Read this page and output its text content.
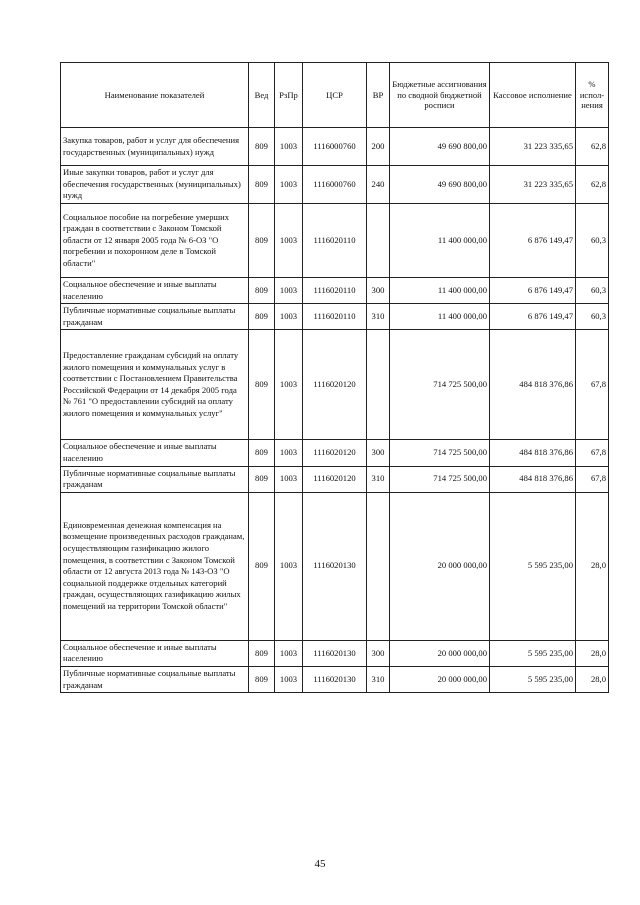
Наименование показателей	Вед	РзПр	ЦСР	ВР	Бюджетные ассигнования по сводной бюджетной росписи	Кассовое исполнение	% исполнения
Закупка товаров, работ и услуг для обеспечения государственных (муниципальных) нужд	809	1003	1116000760	200	49 690 800,00	31 223 335,65	62,8
Иные закупки товаров, работ и услуг для обеспечения государственных (муниципальных) нужд	809	1003	1116000760	240	49 690 800,00	31 223 335,65	62,8
Социальное пособие на погребение умерших граждан в соответствии с Законом Томской области от 12 января 2005 года № 6-ОЗ "О погребении и похоронном деле в Томской области"	809	1003	1116020110		11 400 000,00	6 876 149,47	60,3
Социальное обеспечение и иные выплаты населению	809	1003	1116020110	300	11 400 000,00	6 876 149,47	60,3
Публичные нормативные социальные выплаты гражданам	809	1003	1116020110	310	11 400 000,00	6 876 149,47	60,3
Предоставление гражданам субсидий на оплату жилого помещения и коммунальных услуг в соответствии с Постановлением Правительства Российской Федерации от 14 декабря 2005 года № 761 "О предоставлении субсидий на оплату жилого помещения и коммунальных услуг"	809	1003	1116020120		714 725 500,00	484 818 376,86	67,8
Социальное обеспечение и иные выплаты населению	809	1003	1116020120	300	714 725 500,00	484 818 376,86	67,8
Публичные нормативные социальные выплаты гражданам	809	1003	1116020120	310	714 725 500,00	484 818 376,86	67,8
Единовременная денежная компенсация на возмещение произведенных расходов гражданам, осуществляющим газификацию жилого помещения, в соответствии с Законом Томской области от 12 августа 2013 года № 143-ОЗ "О социальной поддержке отдельных категорий граждан, осуществляющих газификацию жилых помещений на территории Томской области"	809	1003	1116020130		20 000 000,00	5 595 235,00	28,0
Социальное обеспечение и иные выплаты населению	809	1003	1116020130	300	20 000 000,00	5 595 235,00	28,0
Публичные нормативные социальные выплаты гражданам	809	1003	1116020130	310	20 000 000,00	5 595 235,00	28,0
45
